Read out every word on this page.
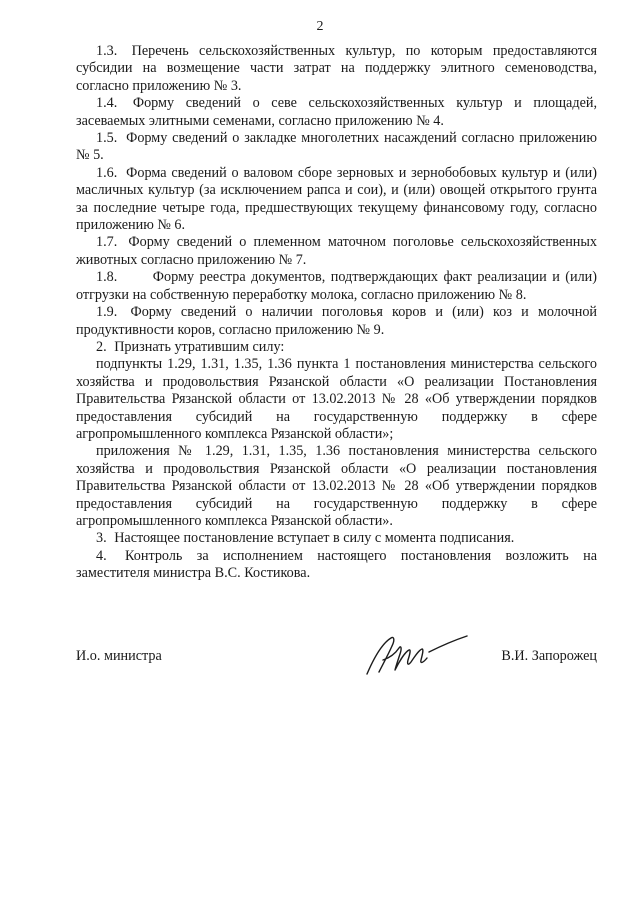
2

1.3. Перечень сельскохозяйственных культур, по которым предоставляются субсидии на возмещение части затрат на поддержку элитного семеноводства, согласно приложению № 3.

1.4. Форму сведений о севе сельскохозяйственных культур и площадей, засеваемых элитными семенами, согласно приложению № 4.

1.5. Форму сведений о закладке многолетних насаждений согласно приложению № 5.

1.6. Форма сведений о валовом сборе зерновых и зернобобовых культур и (или) масличных культур (за исключением рапса и сои), и (или) овощей открытого грунта за последние четыре года, предшествующих текущему финансовому году, согласно приложению № 6.

1.7. Форму сведений о племенном маточном поголовье сельскохозяйственных животных согласно приложению № 7.

1.8.	Форму реестра документов, подтверждающих факт реализации и (или) отгрузки на собственную переработку молока, согласно приложению № 8.

1.9. Форму сведений о наличии поголовья коров и (или) коз и молочной продуктивности коров, согласно приложению № 9.

2. Признать утратившим силу:

подпункты 1.29, 1.31, 1.35, 1.36 пункта 1 постановления министерства сельского хозяйства и продовольствия Рязанской области «О реализации Постановления Правительства Рязанской области от 13.02.2013 № 28 «Об утверждении порядков предоставления субсидий на государственную поддержку в сфере агропромышленного комплекса Рязанской области»;

приложения № 1.29, 1.31, 1.35, 1.36 постановления министерства сельского хозяйства и продовольствия Рязанской области «О реализации постановления Правительства Рязанской области от 13.02.2013 № 28 «Об утверждении порядков предоставления субсидий на государственную поддержку в сфере агропромышленного комплекса Рязанской области».

3. Настоящее постановление вступает в силу с момента подписания.

4. Контроль за исполнением настоящего постановления возложить на заместителя министра В.С. Костикова.

И.о. министра	В.И. Запорожец
